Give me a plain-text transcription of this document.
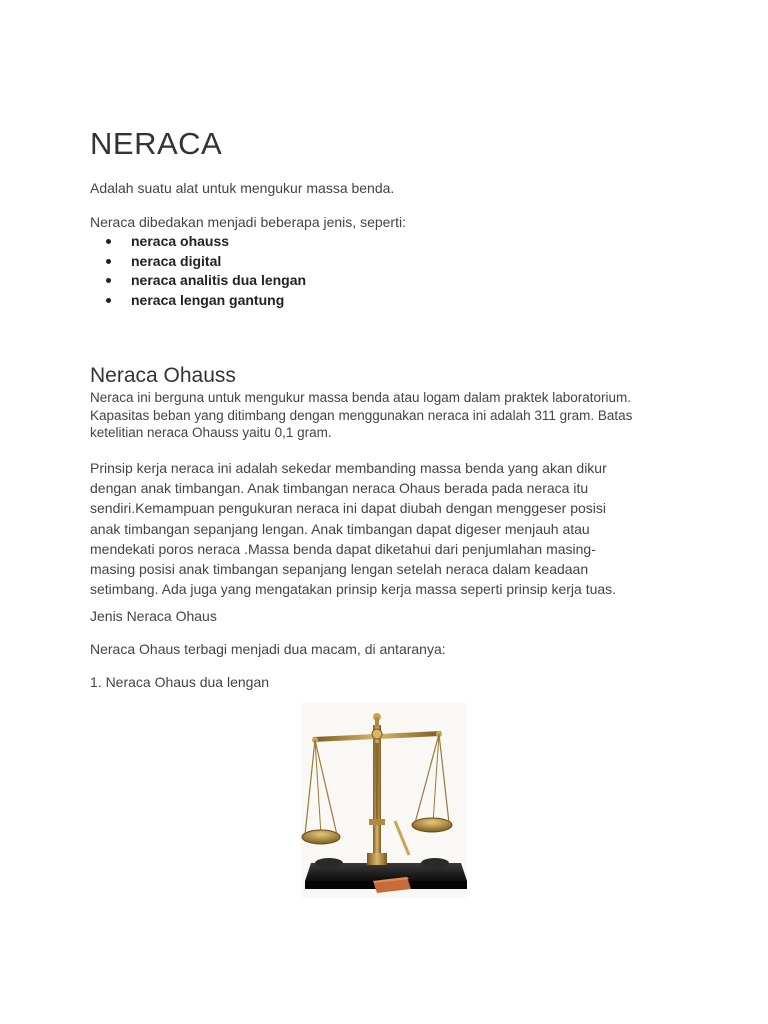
NERACA

Adalah suatu alat untuk mengukur massa benda.

Neraca dibedakan menjadi beberapa jenis, seperti:

neraca ohauss
neraca digital
neraca analitis dua lengan
neraca lengan gantung
Neraca Ohauss

Neraca ini berguna untuk mengukur massa benda atau logam dalam praktek laboratorium.
Kapasitas beban yang ditimbang dengan menggunakan neraca ini adalah 311 gram. Batas
ketelitian neraca Ohauss yaitu 0,1 gram.

Prinsip kerja neraca ini adalah sekedar membanding massa benda yang akan dikur
dengan anak timbangan. Anak timbangan neraca Ohaus berada pada neraca itu
sendiri.Kemampuan pengukuran neraca ini dapat diubah dengan menggeser posisi
anak timbangan sepanjang lengan. Anak timbangan dapat digeser menjauh atau
mendekati poros neraca .Massa benda dapat diketahui dari penjumlahan masing-
masing posisi anak timbangan sepanjang lengan setelah neraca dalam keadaan
setimbang. Ada juga yang mengatakan prinsip kerja massa seperti prinsip kerja tuas.

Jenis Neraca Ohaus

Neraca Ohaus terbagi menjadi dua macam, di antaranya:

1. Neraca Ohaus dua lengan
